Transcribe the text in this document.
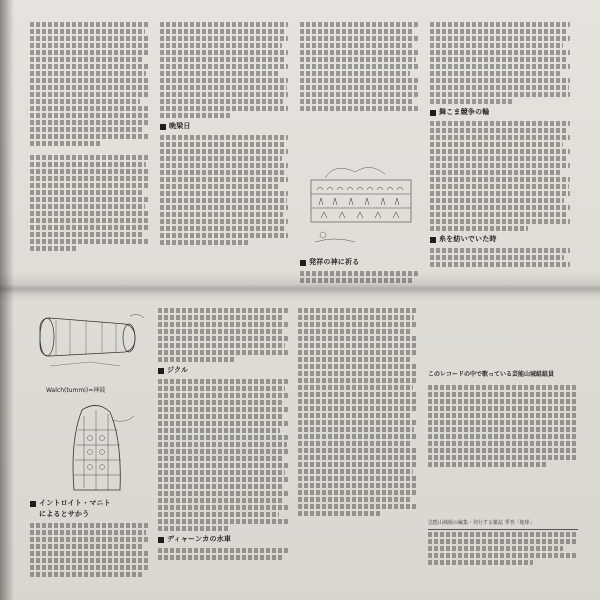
晩梁日
発祥の神に祈る
舞こま競争の輪
糸を紡いでいた時
Walch(tummi)=神鼓
イントロイト・マニト
によるとサかう
ジクル
ディャーンカの水車
このレコードの中で歌っている芸能山城組組員
芸能山城組の編集・発行する雑誌 季刊「地球」
